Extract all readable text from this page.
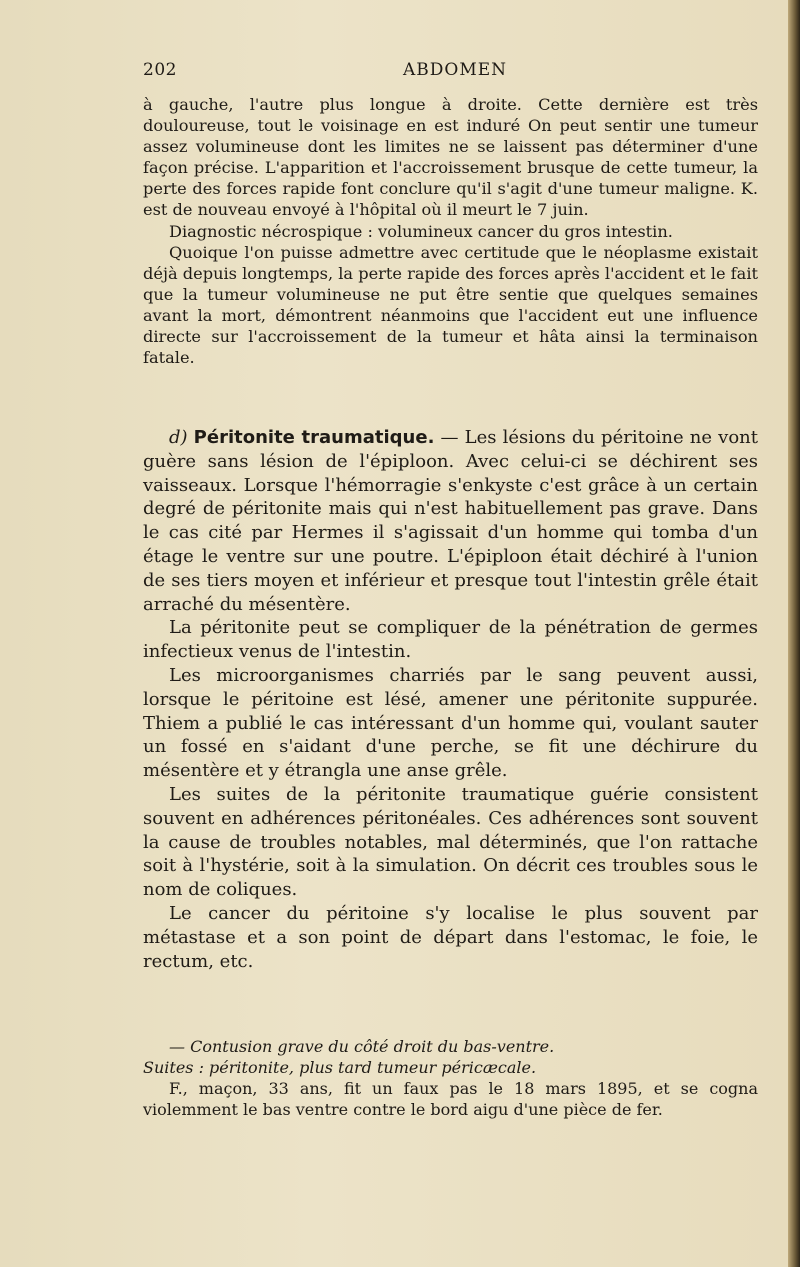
202	ABDOMEN

à gauche, l'autre plus longue à droite. Cette dernière est très douloureuse, tout le voisinage en est induré On peut sentir une tumeur assez volumineuse dont les limites ne se laissent pas déterminer d'une façon précise. L'apparition et l'accroissement brusque de cette tumeur, la perte des forces rapide font conclure qu'il s'agit d'une tumeur maligne. K. est de nouveau envoyé à l'hôpital où il meurt le 7 juin.

Diagnostic nécrospique : volumineux cancer du gros intestin.

Quoique l'on puisse admettre avec certitude que le néoplasme existait déjà depuis longtemps, la perte rapide des forces après l'accident et le fait que la tumeur volumineuse ne put être sentie que quelques semaines avant la mort, démontrent néanmoins que l'accident eut une influence directe sur l'accroissement de la tumeur et hâta ainsi la terminaison fatale.

d) Péritonite traumatique. — Les lésions du péritoine ne vont guère sans lésion de l'épiploon. Avec celui-ci se déchirent ses vaisseaux. Lorsque l'hémorragie s'enkyste c'est grâce à un certain degré de péritonite mais qui n'est habituellement pas grave. Dans le cas cité par Hermes il s'agissait d'un homme qui tomba d'un étage le ventre sur une poutre. L'épiploon était déchiré à l'union de ses tiers moyen et inférieur et presque tout l'intestin grêle était arraché du mésentère.

La péritonite peut se compliquer de la pénétration de germes infectieux venus de l'intestin.

Les microorganismes charriés par le sang peuvent aussi, lorsque le péritoine est lésé, amener une péritonite suppurée. Thiem a publié le cas intéressant d'un homme qui, voulant sauter un fossé en s'aidant d'une perche, se fit une déchirure du mésentère et y étrangla une anse grêle.

Les suites de la péritonite traumatique guérie consistent souvent en adhérences péritonéales. Ces adhérences sont souvent la cause de troubles notables, mal déterminés, que l'on rattache soit à l'hystérie, soit à la simulation. On décrit ces troubles sous le nom de coliques.

Le cancer du péritoine s'y localise le plus souvent par métastase et a son point de départ dans l'estomac, le foie, le rectum, etc.

— Contusion grave du côté droit du bas-ventre.

Suites : péritonite, plus tard tumeur péricæcale.

F., maçon, 33 ans, fit un faux pas le 18 mars 1895, et se cogna violemment le bas ventre contre le bord aigu d'une pièce de fer.
